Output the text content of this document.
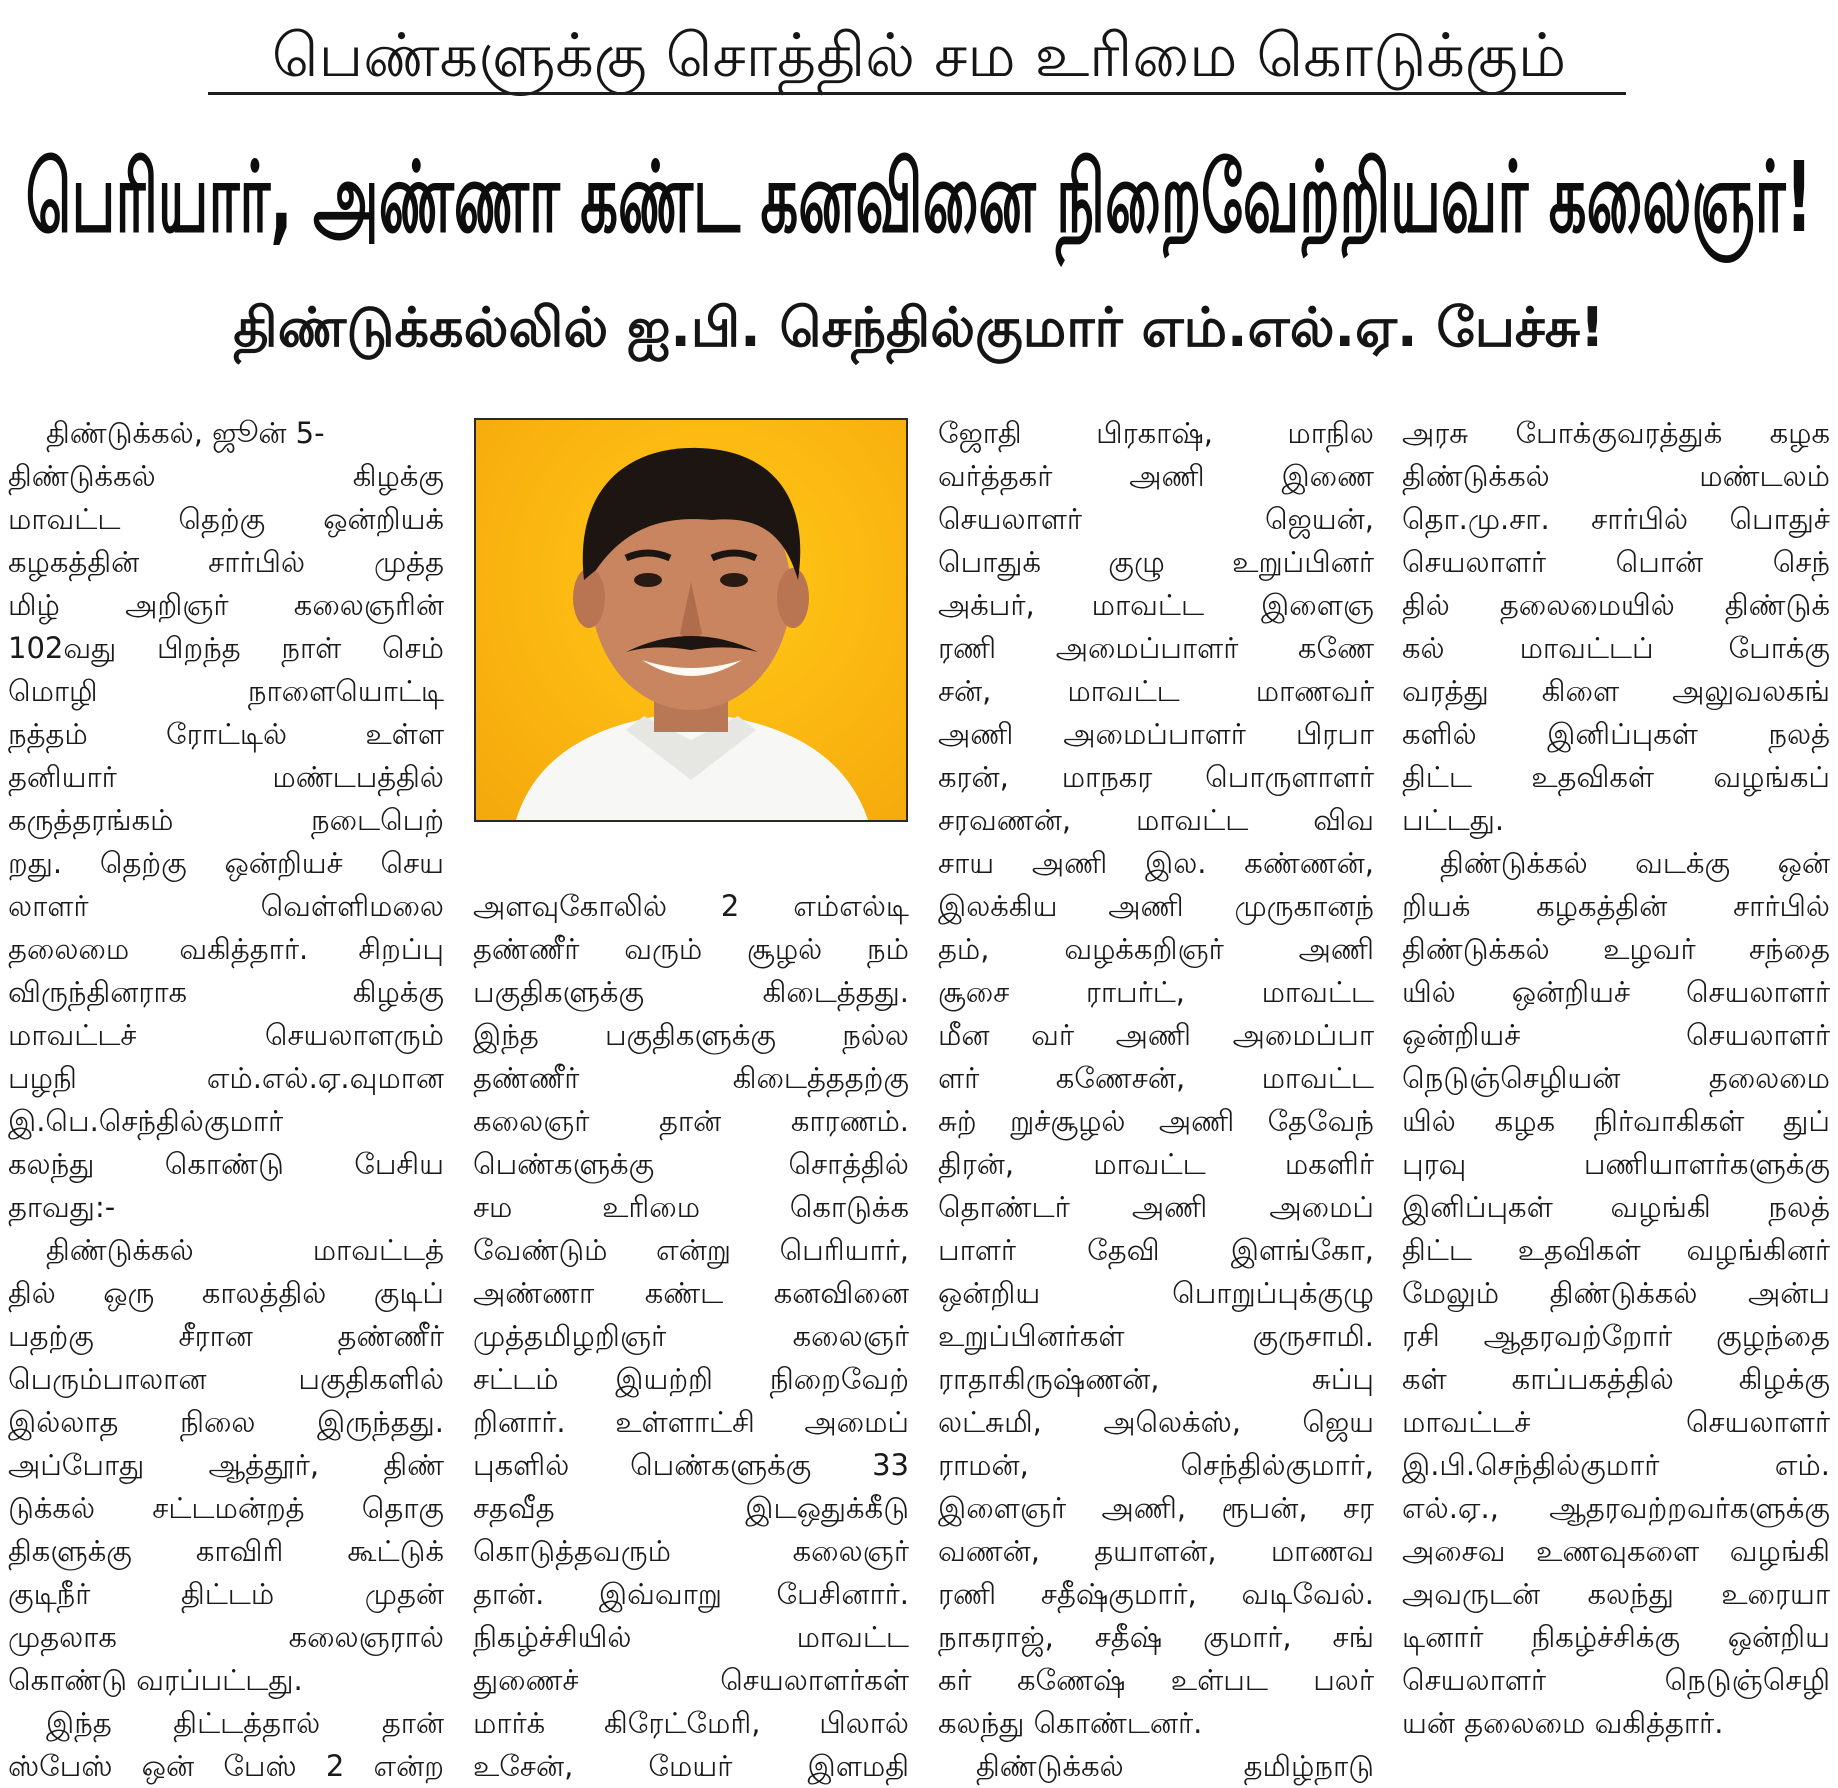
பெண்களுக்கு சொத்தில் சம உரிமை கொடுக்கும்
பெரியார், அண்ணா கண்ட கனவினை நிறைவேற்றியவர் கலைஞர்!
திண்டுக்கல்லில் ஐ.பி. செந்தில்குமார் எம்.எல்.ஏ. பேச்சு!
திண்டுக்கல், ஜூன் 5-
திண்டுக்கல் கிழக்கு
மாவட்ட தெற்கு ஒன்றியக்
கழகத்தின் சார்பில் முத்த
மிழ் அறிஞர் கலைஞரின்
102வது பிறந்த நாள் செம்
மொழி நாளையொட்டி
நத்தம் ரோட்டில் உள்ள
தனியார் மண்டபத்தில்
கருத்தரங்கம் நடைபெற்
றது. தெற்கு ஒன்றியச் செய
லாளர் வெள்ளிமலை
தலைமை வகித்தார். சிறப்பு
விருந்தினராக கிழக்கு
மாவட்டச் செயலாளரும்
பழநி எம்.எல்.ஏ.வுமான
இ.பெ.செந்தில்குமார்
கலந்து கொண்டு பேசிய
தாவது:-
திண்டுக்கல் மாவட்டத்
தில் ஒரு காலத்தில் குடிப்
பதற்கு சீரான தண்ணீர்
பெரும்பாலான பகுதிகளில்
இல்லாத நிலை இருந்தது.
அப்போது ஆத்தூர், திண்
டுக்கல் சட்டமன்றத் தொகு
திகளுக்கு காவிரி கூட்டுக்
குடிநீர் திட்டம் முதன்
முதலாக கலைஞரால்
கொண்டு வரப்பட்டது.
இந்த திட்டத்தால் தான்
ஸ்பேஸ் ஒன் பேஸ் 2 என்ற
அளவுகோலில் 2 எம்எல்டி
தண்ணீர் வரும் சூழல் நம்
பகுதிகளுக்கு கிடைத்தது.
இந்த பகுதிகளுக்கு நல்ல
தண்ணீர் கிடைத்ததற்கு
கலைஞர் தான் காரணம்.
பெண்களுக்கு சொத்தில்
சம உரிமை கொடுக்க
வேண்டும் என்று பெரியார்,
அண்ணா கண்ட கனவினை
முத்தமிழறிஞர் கலைஞர்
சட்டம் இயற்றி நிறைவேற்
றினார். உள்ளாட்சி அமைப்
புகளில் பெண்களுக்கு 33
சதவீத இடஒதுக்கீடு
கொடுத்தவரும் கலைஞர்
தான். இவ்வாறு பேசினார்.
நிகழ்ச்சியில் மாவட்ட
துணைச் செயலாளர்கள்
மார்க் கிரேட்மேரி, பிலால்
உசேன், மேயர் இளமதி
ஜோதி பிரகாஷ், மாநில
வர்த்தகர் அணி இணை
செயலாளர் ஜெயன்,
பொதுக் குழு உறுப்பினர்
அக்பர், மாவட்ட இளைஞ
ரணி அமைப்பாளர் கணே
சன், மாவட்ட மாணவர்
அணி அமைப்பாளர் பிரபா
கரன், மாநகர பொருளாளர்
சரவணன், மாவட்ட விவ
சாய அணி இல. கண்ணன்,
இலக்கிய அணி முருகானந்
தம், வழக்கறிஞர் அணி
சூசை ராபர்ட், மாவட்ட
மீன வர் அணி அமைப்பா
ளர் கணேசன், மாவட்ட
சுற் றுச்சூழல் அணி தேவேந்
திரன், மாவட்ட மகளிர்
தொண்டர் அணி அமைப்
பாளர் தேவி இளங்கோ,
ஒன்றிய பொறுப்புக்குழு
உறுப்பினர்கள் குருசாமி.
ராதாகிருஷ்ணன், சுப்பு
லட்சுமி, அலெக்ஸ், ஜெய
ராமன், செந்தில்குமார்,
இளைஞர் அணி, ரூபன், சர
வணன், தயாளன், மாணவ
ரணி சதீஷ்குமார், வடிவேல்.
நாகராஜ், சதீஷ் குமார், சங்
கர் கணேஷ் உள்பட பலர்
கலந்து கொண்டனர்.
திண்டுக்கல் தமிழ்நாடு
அரசு போக்குவரத்துக் கழக
திண்டுக்கல் மண்டலம்
தொ.மு.சா. சார்பில் பொதுச்
செயலாளர் பொன் செந்
தில் தலைமையில் திண்டுக்
கல் மாவட்டப் போக்கு
வரத்து கிளை அலுவலகங்
களில் இனிப்புகள் நலத்
திட்ட உதவிகள் வழங்கப்
பட்டது.
திண்டுக்கல் வடக்கு ஒன்
றியக் கழகத்தின் சார்பில்
திண்டுக்கல் உழவர் சந்தை
யில் ஒன்றியச் செயலாளர்
ஒன்றியச் செயலாளர்
நெடுஞ்செழியன் தலைமை
யில் கழக நிர்வாகிகள் துப்
புரவு பணியாளர்களுக்கு
இனிப்புகள் வழங்கி நலத்
திட்ட உதவிகள் வழங்கினர்
மேலும் திண்டுக்கல் அன்ப
ரசி ஆதரவற்றோர் குழந்தை
கள் காப்பகத்தில் கிழக்கு
மாவட்டச் செயலாளர்
இ.பி.செந்தில்குமார் எம்.
எல்.ஏ., ஆதரவற்றவர்களுக்கு
அசைவ உணவுகளை வழங்கி
அவருடன் கலந்து உரையா
டினார் நிகழ்ச்சிக்கு ஒன்றிய
செயலாளர் நெடுஞ்செழி
யன் தலைமை வகித்தார்.
